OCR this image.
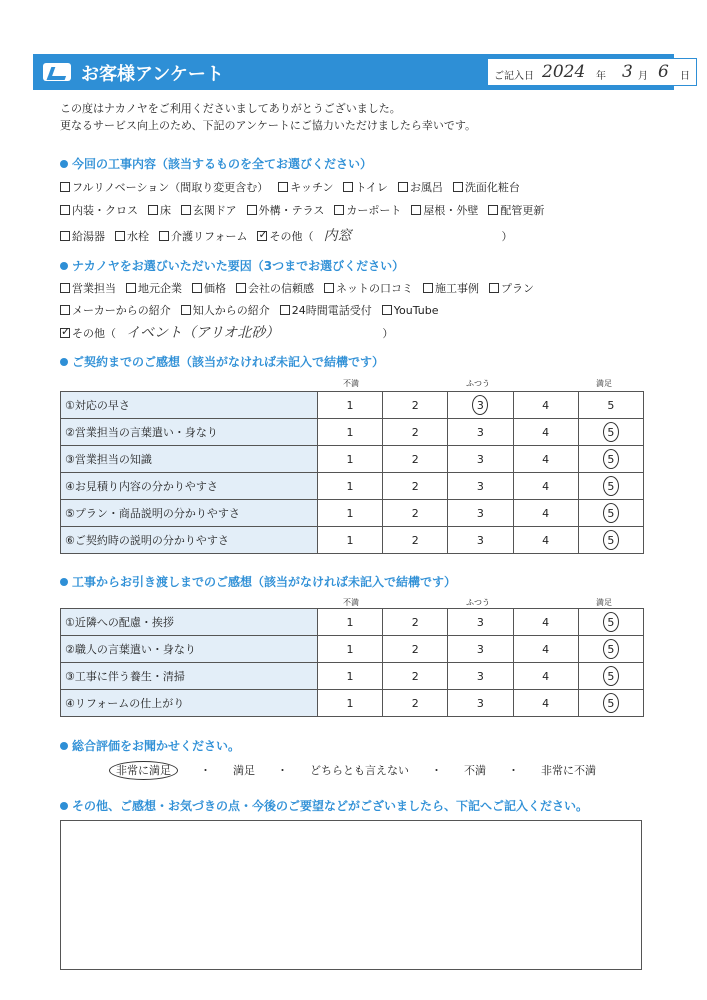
お客様アンケート	ご記入日 2024 年 3 月 6 日
この度はナカノヤをご利用くださいましてありがとうございました。
更なるサービス向上のため、下記のアンケートにご協力いただけましたら幸いです。
今回の工事内容（該当するものを全てお選びください）
フルリノベーション（間取り変更含む） キッチン トイレ お風呂 洗面化粧台
内装・クロス 床 玄関ドア 外構・テラス カーポート 屋根・外壁 配管更新
給湯器 水栓 介護リフォーム ✓ その他（ 内窓	）
ナカノヤをお選びいただいた要因（3つまでお選びください）
営業担当 地元企業 価格 会社の信頼感 ネットの口コミ 施工事例 プラン
メーカーからの紹介 知人からの紹介 24時間電話受付 YouTube
✓その他（ イベント（アリオ北砂）	）
ご契約までのご感想（該当がなければ未記入で結構です）
不満	ふつう	満足
①対応の早さ	1	2	3	4	5
②営業担当の言葉遣い・身なり	1	2	3	4	5
③営業担当の知識	1	2	3	4	5
④お見積り内容の分かりやすさ	1	2	3	4	5
⑤プラン・商品説明の分かりやすさ	1	2	3	4	5
⑥ご契約時の説明の分かりやすさ	1	2	3	4	5
工事からお引き渡しまでのご感想（該当がなければ未記入で結構です）
不満	ふつう	満足
①近隣への配慮・挨拶	1	2	3	4	5
②職人の言葉遣い・身なり	1	2	3	4	5
③工事に伴う養生・清掃	1	2	3	4	5
④リフォームの仕上がり	1	2	3	4	5
総合評価をお聞かせください。
非常に満足	・ 満足 ・ どちらとも言えない ・ 不満 ・ 非常に不満
その他、ご感想・お気づきの点・今後のご要望などがございましたら、下記へご記入ください。
